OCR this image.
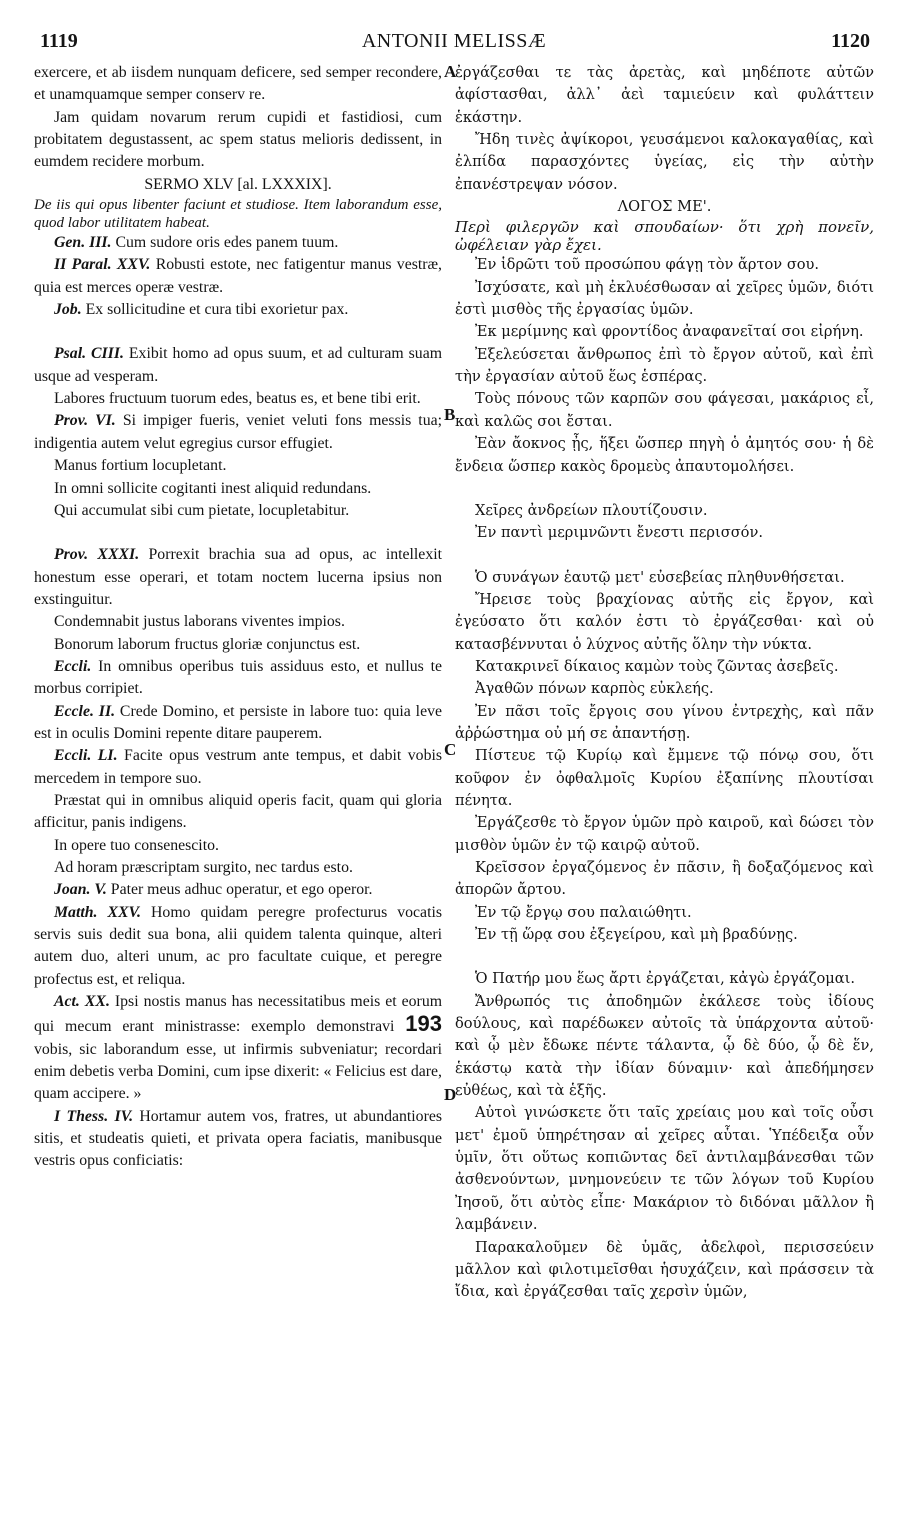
1119	ANTONII MELISSÆ	1120
A
B
C
D

exercere, et ab iisdem nunquam deficere, sed semper recondere, et unamquamque semper conserv re.

Jam quidam novarum rerum cupidi et fastidiosi, cum probitatem degustassent, ac spem status melioris dedissent, in eumdem recidere morbum.

SERMO XLV [al. LXXXIX].

De iis qui opus libenter faciunt et studiose. Item laborandum esse, quod labor utilitatem habeat.

Gen. III. Cum sudore oris edes panem tuum.

II Paral. XXV. Robusti estote, nec fatigentur manus vestræ, quia est merces operæ vestræ.

Job. Ex sollicitudine et cura tibi exorietur pax.

Psal. CIII. Exibit homo ad opus suum, et ad culturam suam usque ad vesperam.

Labores fructuum tuorum edes, beatus es, et bene tibi erit.

Prov. VI. Si impiger fueris, veniet veluti fons messis tua; indigentia autem velut egregius cursor effugiet.

Manus fortium locupletant.

In omni sollicite cogitanti inest aliquid redundans.

Qui accumulat sibi cum pietate, locupletabitur.

Prov. XXXI. Porrexit brachia sua ad opus, ac intellexit honestum esse operari, et totam noctem lucerna ipsius non exstinguitur.

Condemnabit justus laborans viventes impios.

Bonorum laborum fructus gloriæ conjunctus est.

Eccli. In omnibus operibus tuis assiduus esto, et nullus te morbus corripiet.

Eccle. II. Crede Domino, et persiste in labore tuo: quia leve est in oculis Domini repente ditare pauperem.

Eccli. LI. Facite opus vestrum ante tempus, et dabit vobis mercedem in tempore suo.

Præstat qui in omnibus aliquid operis facit, quam qui gloria afficitur, panis indigens.

In opere tuo consenescito.

Ad horam præscriptam surgito, nec tardus esto.

Joan. V. Pater meus adhuc operatur, et ego operor.

Matth. XXV. Homo quidam peregre profecturus vocatis servis suis dedit sua bona, alii quidem talenta quinque, alteri autem duo, alteri unum, ac pro facultate cuique, et peregre profectus est, et reliqua.

Act. XX. Ipsi nostis manus has necessitatibus meis et eorum qui mecum erant ministrasse: exemplo demonstravi 193 vobis, sic laborandum esse, ut infirmis subveniatur; recordari enim debetis verba Domini, cum ipse dixerit: « Felicius est dare, quam accipere. »

I Thess. IV. Hortamur autem vos, fratres, ut abundantiores sitis, et studeatis quieti, et privata opera faciatis, manibusque vestris opus conficiatis:

ἐργάζεσθαι τε τὰς ἀρετὰς, καὶ μηδέποτε αὐτῶν ἀφίστασθαι, ἀλλ᾽ ἀεὶ ταμιεύειν καὶ φυλάττειν ἑκάστην.

Ἤδη τινὲς ἀψίκοροι, γευσάμενοι καλοκαγαθίας, καὶ ἐλπίδα παρασχόντες ὑγείας, εἰς τὴν αὐτὴν ἐπανέστρεψαν νόσον.

ΛΟΓΟΣ ΜΕ'.

Περὶ φιλεργῶν καὶ σπουδαίων· ὅτι χρὴ πονεῖν, ὠφέλειαν γὰρ ἔχει.

Ἐν ἱδρῶτι τοῦ προσώπου φάγῃ τὸν ἄρτον σου.

Ἰσχύσατε, καὶ μὴ ἐκλυέσθωσαν αἱ χεῖρες ὑμῶν, διότι ἐστὶ μισθὸς τῆς ἐργασίας ὑμῶν.

Ἐκ μερίμνης καὶ φροντίδος ἀναφανεῖταί σοι εἰρήνη.

Ἐξελεύσεται ἄνθρωπος ἐπὶ τὸ ἔργον αὐτοῦ, καὶ ἐπὶ τὴν ἐργασίαν αὐτοῦ ἕως ἑσπέρας.

Τοὺς πόνους τῶν καρπῶν σου φάγεσαι, μακάριος εἶ, καὶ καλῶς σοι ἔσται.

Ἐὰν ἄοκνος ᾖς, ἥξει ὥσπερ πηγὴ ὁ ἀμητός σου· ἡ δὲ ἔνδεια ὥσπερ κακὸς δρομεὺς ἀπαυτομολήσει.

Χεῖρες ἀνδρείων πλουτίζουσιν.

Ἐν παντὶ μεριμνῶντι ἔνεστι περισσόν.

Ὁ συνάγων ἑαυτῷ μετ' εὐσεβείας πληθυνθήσεται.

Ἤρεισε τοὺς βραχίονας αὐτῆς εἰς ἔργον, καὶ ἐγεύσατο ὅτι καλόν ἐστι τὸ ἐργάζεσθαι· καὶ οὐ κατασβέννυται ὁ λύχνος αὐτῆς ὅλην τὴν νύκτα.

Κατακρινεῖ δίκαιος καμὼν τοὺς ζῶντας ἀσεβεῖς.

Ἀγαθῶν πόνων καρπὸς εὐκλεής.

Ἐν πᾶσι τοῖς ἔργοις σου γίνου ἐντρεχὴς, καὶ πᾶν ἀῤῥώστημα οὐ μή σε ἀπαντήσῃ.

Πίστευε τῷ Κυρίῳ καὶ ἔμμενε τῷ πόνῳ σου, ὅτι κοῦφον ἐν ὀφθαλμοῖς Κυρίου ἐξαπίνης πλουτίσαι πένητα.

Ἐργάζεσθε τὸ ἔργον ὑμῶν πρὸ καιροῦ, καὶ δώσει τὸν μισθὸν ὑμῶν ἐν τῷ καιρῷ αὐτοῦ.

Κρεῖσσον ἐργαζόμενος ἐν πᾶσιν, ἢ δοξαζόμενος καὶ ἀπορῶν ἄρτου.

Ἐν τῷ ἔργῳ σου παλαιώθητι.

Ἐν τῇ ὥρᾳ σου ἐξεγείρου, καὶ μὴ βραδύνῃς.

Ὁ Πατήρ μου ἕως ἄρτι ἐργάζεται, κἀγὼ ἐργάζομαι.

Ἄνθρωπός τις ἀποδημῶν ἐκάλεσε τοὺς ἰδίους δούλους, καὶ παρέδωκεν αὐτοῖς τὰ ὑπάρχοντα αὐτοῦ· καὶ ᾧ μὲν ἔδωκε πέντε τάλαντα, ᾧ δὲ δύο, ᾧ δὲ ἕν, ἑκάστῳ κατὰ τὴν ἰδίαν δύναμιν· καὶ ἀπεδήμησεν εὐθέως, καὶ τὰ ἑξῆς.

Αὐτοὶ γινώσκετε ὅτι ταῖς χρείαις μου καὶ τοῖς οὖσι μετ' ἐμοῦ ὑπηρέτησαν αἱ χεῖρες αὗται. Ὑπέδειξα οὖν ὑμῖν, ὅτι οὕτως κοπιῶντας δεῖ ἀντιλαμβάνεσθαι τῶν ἀσθενούντων, μνημονεύειν τε τῶν λόγων τοῦ Κυρίου Ἰησοῦ, ὅτι αὐτὸς εἶπε· Μακάριον τὸ διδόναι μᾶλλον ἢ λαμβάνειν.

Παρακαλοῦμεν δὲ ὑμᾶς, ἀδελφοὶ, περισσεύειν μᾶλλον καὶ φιλοτιμεῖσθαι ἡσυχάζειν, καὶ πράσσειν τὰ ἴδια, καὶ ἐργάζεσθαι ταῖς χερσὶν ὑμῶν,
